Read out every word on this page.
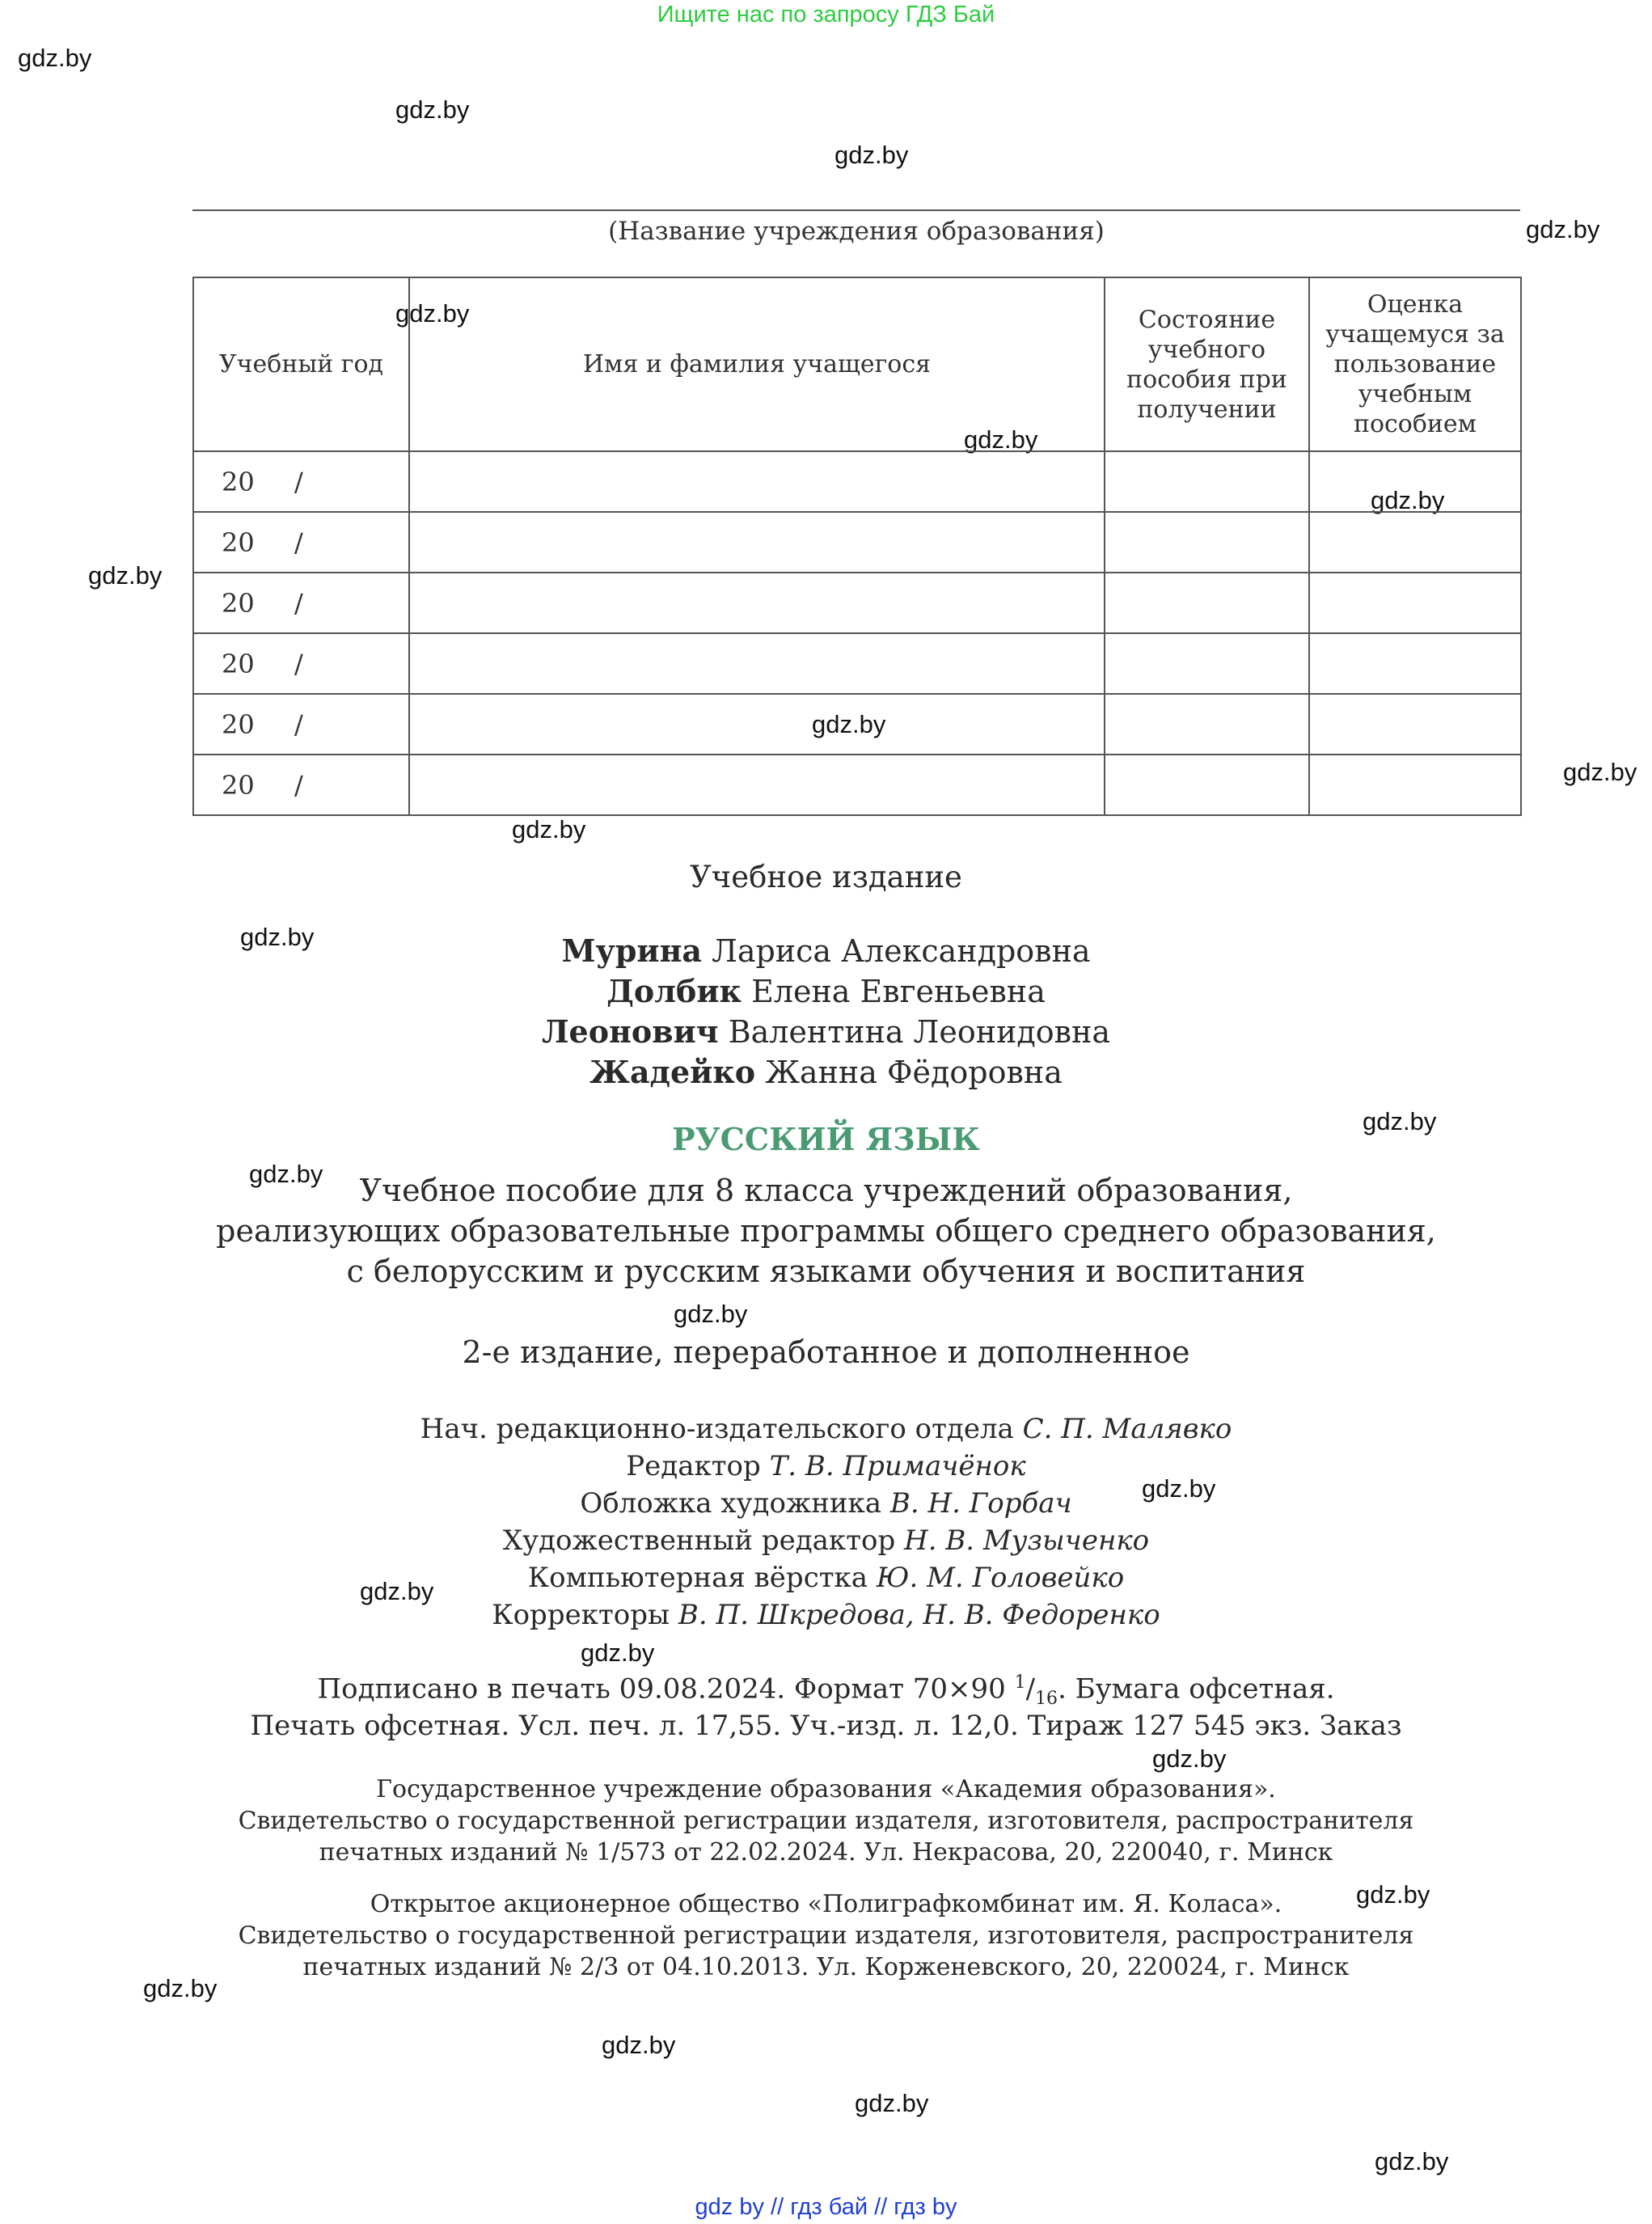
Ищите нас по запросу ГДЗ Бай
gdz.by
gdz.by
gdz.by
gdz.by
gdz.by
gdz.by
gdz.by
gdz.by
gdz.by
gdz.by
gdz.by
gdz.by
gdz.by
gdz.by
gdz.by
gdz.by
gdz.by
gdz.by
gdz.by
gdz.by
gdz.by
gdz.by
gdz.by
gdz.by
(Название учреждения образования)
Учебный год	Имя и фамилия учащегося	Состояние учебного пособия при получении	Оценка учащемуся за пользование учебным пособием
20 /			
20 /			
20 /			
20 /			
20 /			
20 /			
Учебное издание
Мурина Лариса Александровна
Долбик Елена Евгеньевна
Леонович Валентина Леонидовна
Жадейко Жанна Фёдоровна
РУССКИЙ ЯЗЫК
Учебное пособие для 8 класса учреждений образования,
реализующих образовательные программы общего среднего образования,
с белорусским и русским языками обучения и воспитания
2-е издание, переработанное и дополненное
Нач. редакционно-издательского отдела С. П. Малявко
Редактор Т. В. Примачёнок
Обложка художника В. Н. Горбач
Художественный редактор Н. В. Музыченко
Компьютерная вёрстка Ю. М. Головейко
Корректоры В. П. Шкредова, Н. В. Федоренко
Подписано в печать 09.08.2024. Формат 70×90 $^1/_{16}$. Бумага офсетная.
Печать офсетная. Усл. печ. л. 17,55. Уч.-изд. л. 12,0. Тираж 127 545 экз. Заказ
Государственное учреждение образования «Академия образования».
Свидетельство о государственной регистрации издателя, изготовителя, распространителя
печатных изданий № 1/573 от 22.02.2024. Ул. Некрасова, 20, 220040, г. Минск
Открытое акционерное общество «Полиграфкомбинат им. Я. Коласа».
Свидетельство о государственной регистрации издателя, изготовителя, распространителя
печатных изданий № 2/3 от 04.10.2013. Ул. Корженевского, 20, 220024, г. Минск
gdz by // гдз бай // гдз by
